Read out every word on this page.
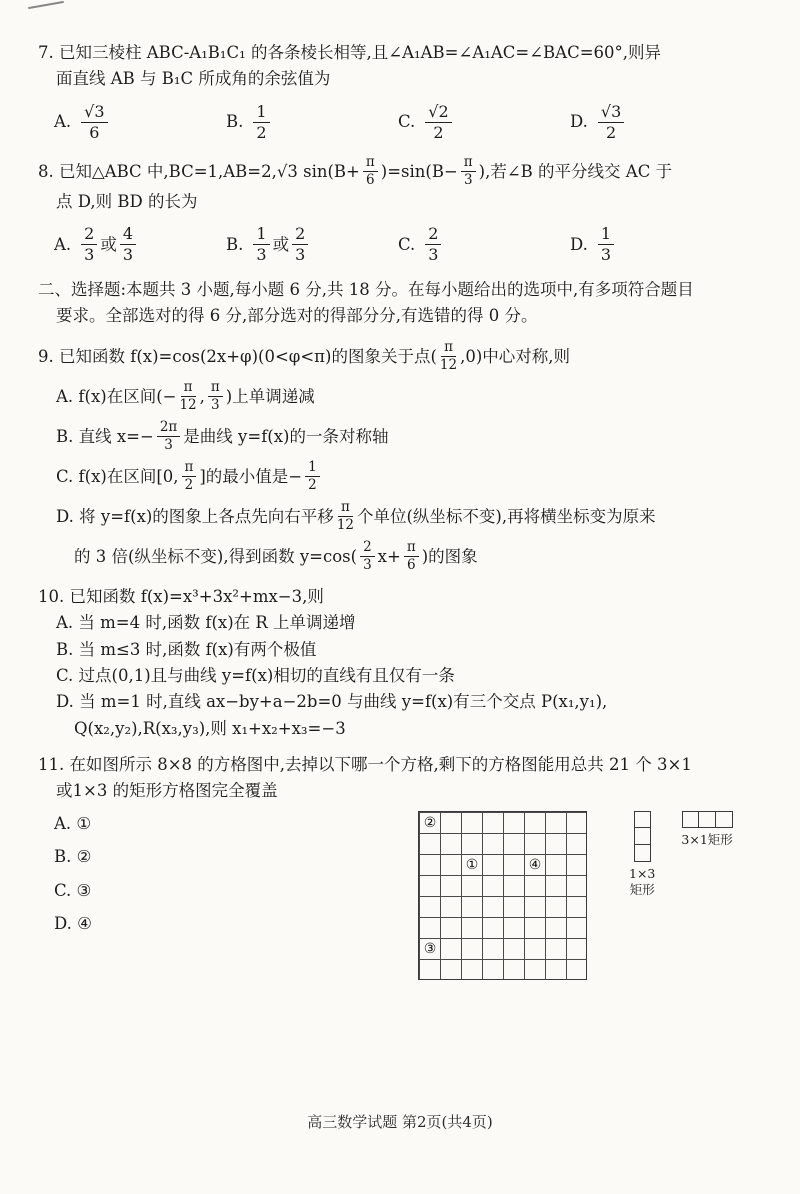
7. 已知三棱柱 ABC-A₁B₁C₁ 的各条棱长相等,且∠A₁AB=∠A₁AC=∠BAC=60°,则异
面直线 AB 与 B₁C 所成角的余弦值为
A. $\frac{√3}{6}$	B. $\frac{1}{2}$	C. $\frac{√2}{2}$	D. $\frac{√3}{2}$
8. 已知△ABC 中,BC=1,AB=2,√3 $\sin(B+ \frac{\pi}{6} )=\sin(B- \frac{\pi}{3}$ ),若∠B 的平分线交 AC 于
点 D,则 BD 的长为
A. $\frac{2}{3}$ 或 $\frac{4}{3}$	B. $\frac{1}{3}$ 或 $\frac{2}{3}$	C. $\frac{2}{3}$	D. $\frac{1}{3}$
二、选择题:本题共 3 小题,每小题 6 分,共 18 分。在每小题给出的选项中,有多项符合题目
要求。全部选对的得 6 分,部分选对的得部分分,有选错的得 0 分。
9. 已知函数 f(x)=cos(2x+φ)(0<φ<π)的图象关于点( $\frac{\pi}{12} ,0$)中心对称,则
A. f(x)在区间(− $\frac{\pi}{12}$ , $\frac{\pi}{3}$ )上单调递减
B. 直线 $x=- \frac{2\pi}{3}$ 是曲线 y=f(x)的一条对称轴
C. f(x)在区间[0, $\frac{\pi}{2}$ ]的最小值是− $\frac{1}{2}$
D. 将 y=f(x)的图象上各点先向右平移 $\frac{\pi}{12}$ 个单位(纵坐标不变),再将横坐标变为原来
的 3 倍(纵坐标不变),得到函数 $y=\cos( \frac{2}{3} x+ \frac{\pi}{6}$ )的图象
10. 已知函数 f(x)=x³+3x²+mx−3,则
A. 当 m=4 时,函数 f(x)在 R 上单调递增
B. 当 m≤3 时,函数 f(x)有两个极值
C. 过点(0,1)且与曲线 y=f(x)相切的直线有且仅有一条
D. 当 m=1 时,直线 ax−by+a−2b=0 与曲线 y=f(x)有三个交点 P(x₁,y₁),
Q(x₂,y₂),R(x₃,y₃),则 x₁+x₂+x₃=−3
11. 在如图所示 8×8 的方格图中,去掉以下哪一个方格,剩下的方格图能用总共 21 个 3×1
或1×3 的矩形方格图完全覆盖
A. ①
B. ②
C. ③
D. ④
②
①	④
③
1×3
矩形
3×1矩形
高三数学试题 第2页(共4页)
